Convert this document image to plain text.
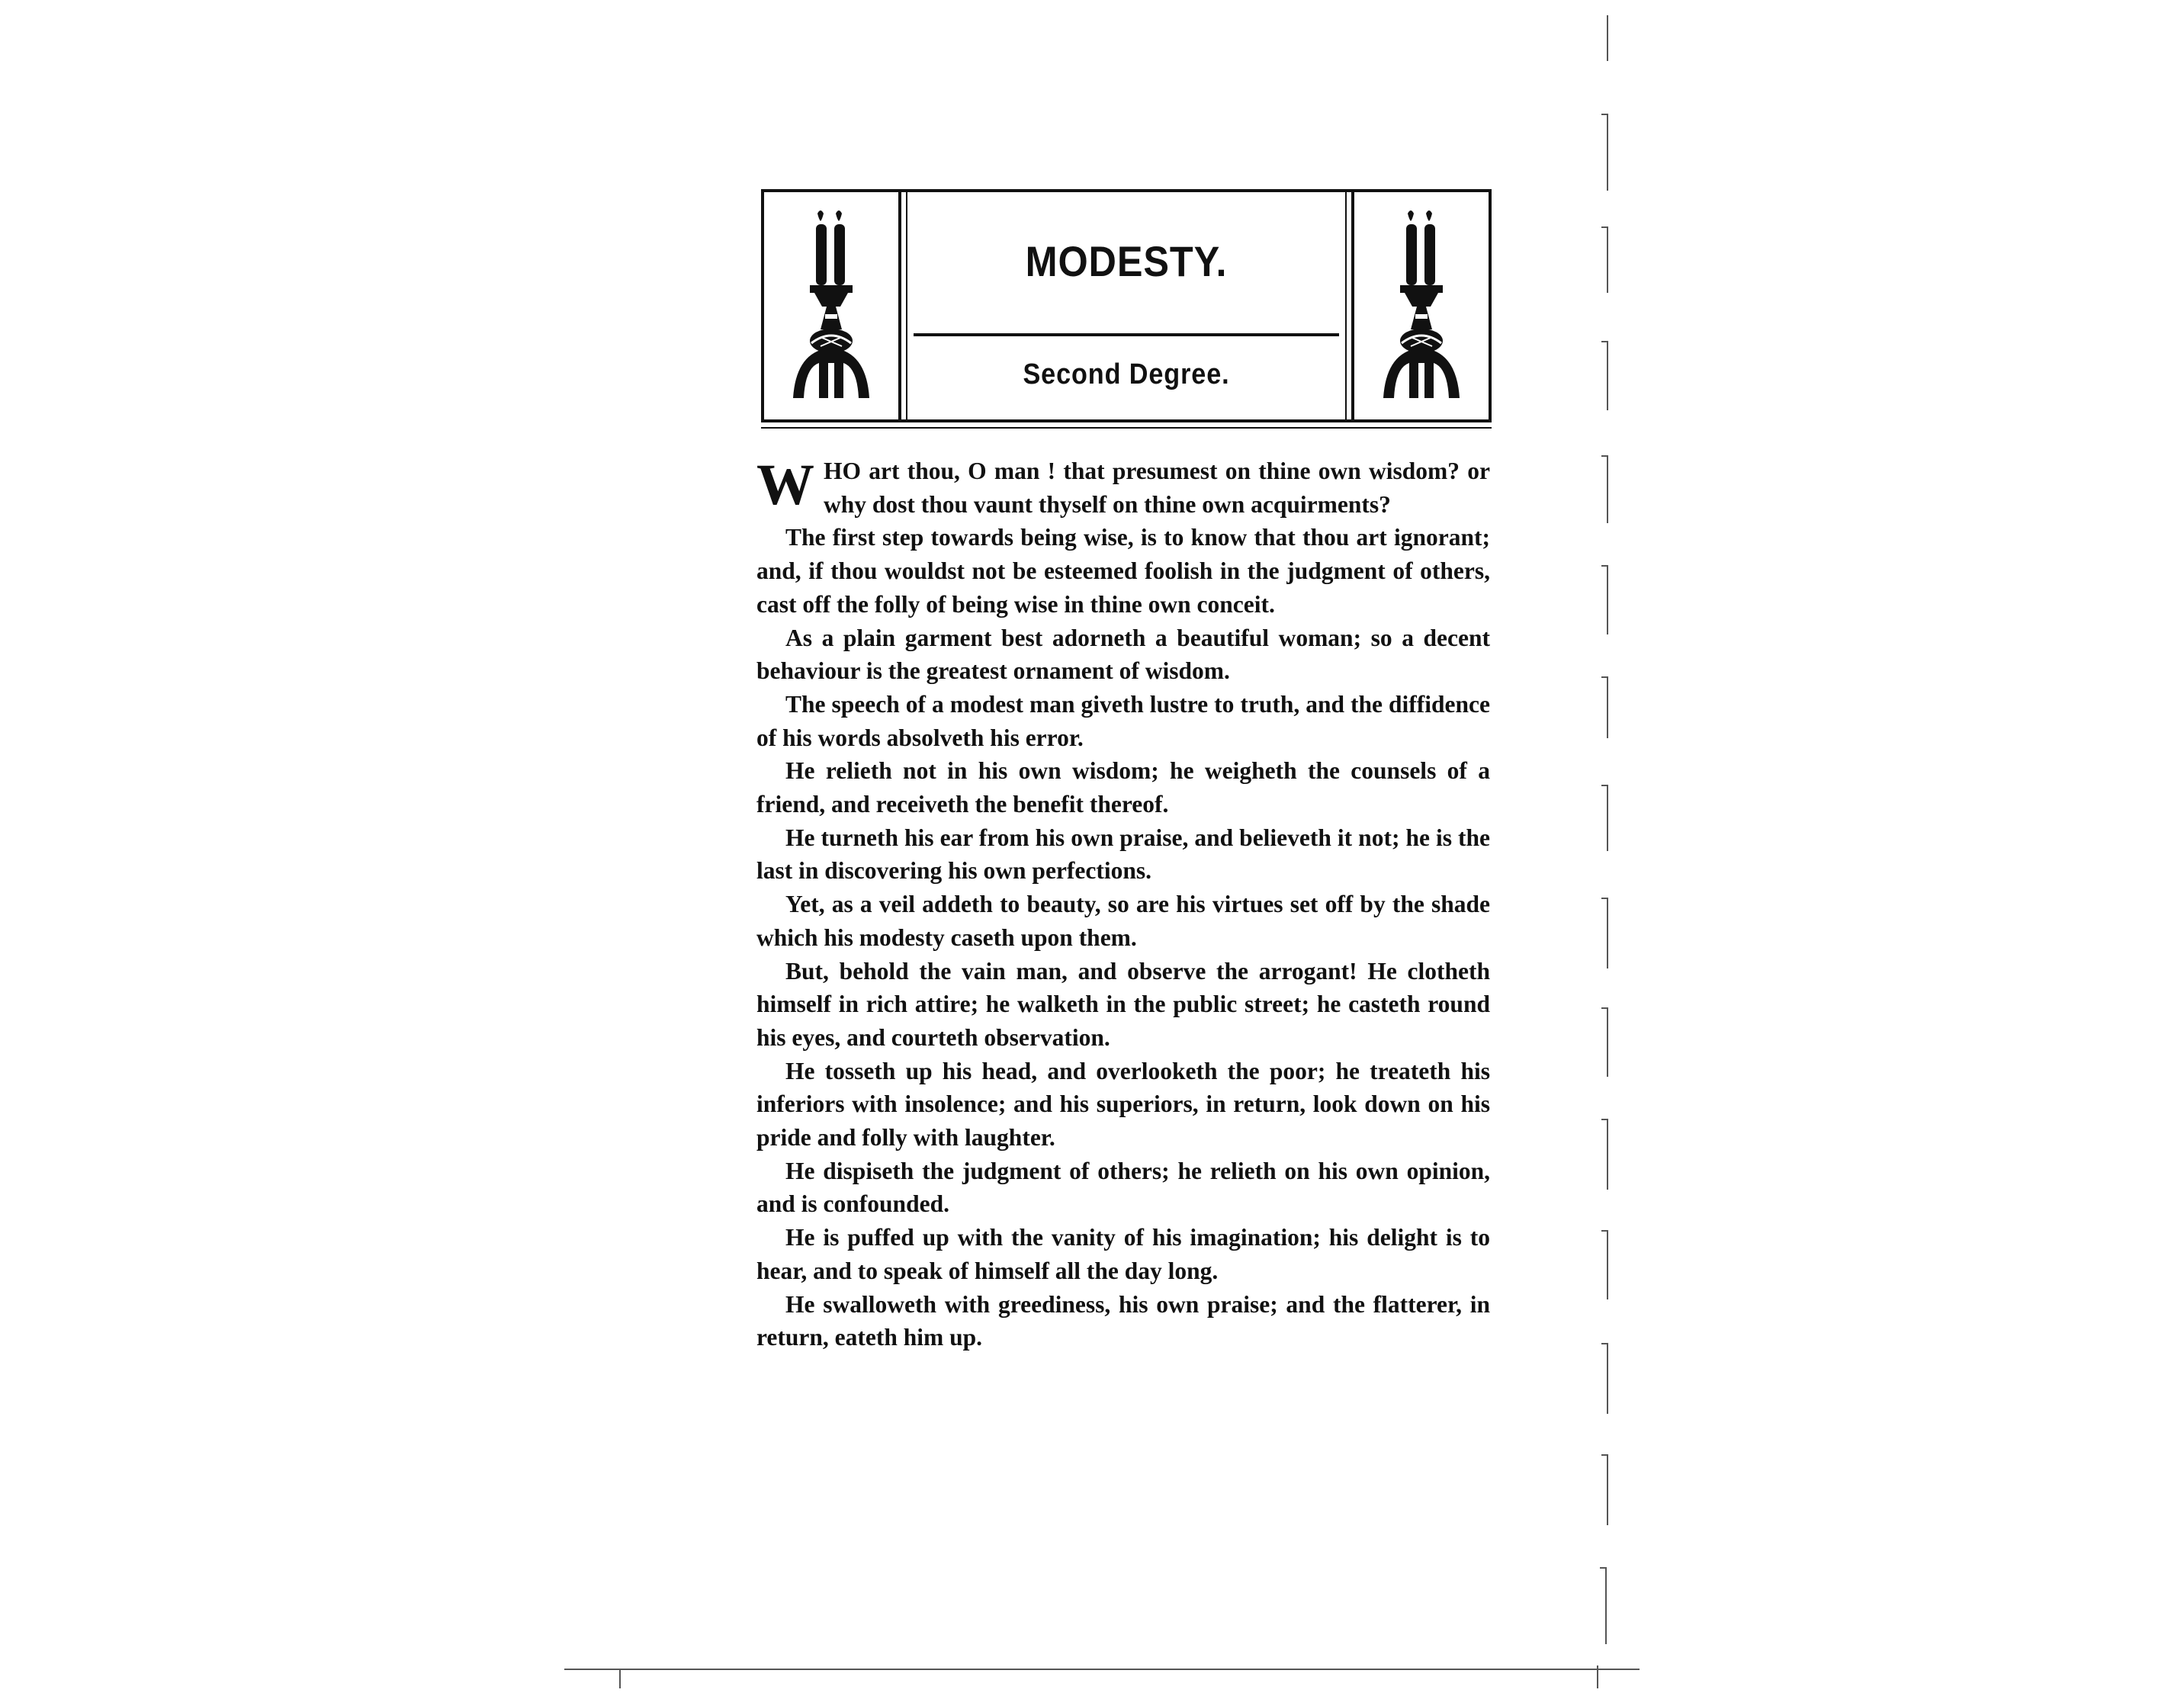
MODESTY.
Second Degree.

WHO art thou, O man ! that presumest on thine own wisdom? or why dost thou vaunt thyself on thine own acquirments?

The first step towards being wise, is to know that thou art ignorant; and, if thou wouldst not be esteemed foolish in the judgment of others, cast off the folly of being wise in thine own conceit.

As a plain garment best adorneth a beautiful woman; so a decent behaviour is the greatest ornament of wisdom.

The speech of a modest man giveth lustre to truth, and the diffidence of his words absolveth his error.

He relieth not in his own wisdom; he weigheth the counsels of a friend, and receiveth the benefit thereof.

He turneth his ear from his own praise, and believeth it not; he is the last in discovering his own perfections.

Yet, as a veil addeth to beauty, so are his virtues set off by the shade which his modesty caseth upon them.

But, behold the vain man, and observe the arrogant! He clotheth himself in rich attire; he walketh in the public street; he casteth round his eyes, and courteth observation.

He tosseth up his head, and overlooketh the poor; he treateth his inferiors with insolence; and his superiors, in return, look down on his pride and folly with laughter.

He dispiseth the judgment of others; he relieth on his own opinion, and is confounded.

He is puffed up with the vanity of his imagination; his delight is to hear, and to speak of himself all the day long.

He swalloweth with greediness, his own praise; and the flatterer, in return, eateth him up.
